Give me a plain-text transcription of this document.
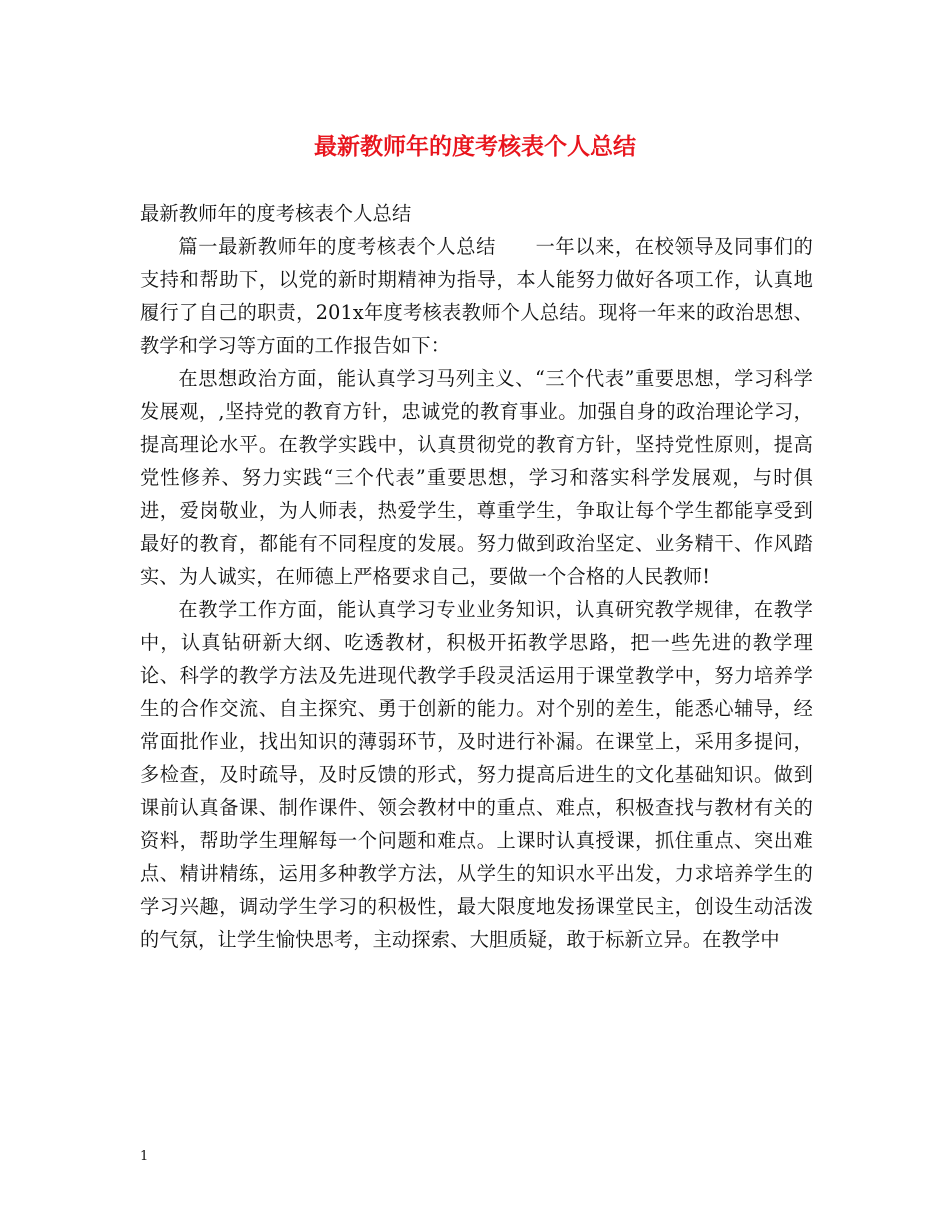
最新教师年的度考核表个人总结

最新教师年的度考核表个人总结

篇一最新教师年的度考核表个人总结　　一年以来，在校领导及同事们的支持和帮助下，以党的新时期精神为指导，本人能努力做好各项工作，认真地履行了自己的职责，201x年度考核表教师个人总结。现将一年来的政治思想、教学和学习等方面的工作报告如下：

在思想政治方面，能认真学习马列主义、“三个代表”重要思想，学习科学发展观，,坚持党的教育方针，忠诚党的教育事业。加强自身的政治理论学习，提高理论水平。在教学实践中，认真贯彻党的教育方针，坚持党性原则，提高党性修养、努力实践“三个代表”重要思想，学习和落实科学发展观，与时俱进，爱岗敬业，为人师表，热爱学生，尊重学生，争取让每个学生都能享受到最好的教育，都能有不同程度的发展。努力做到政治坚定、业务精干、作风踏实、为人诚实，在师德上严格要求自己，要做一个合格的人民教师!

在教学工作方面，能认真学习专业业务知识，认真研究教学规律，在教学中，认真钻研新大纲、吃透教材，积极开拓教学思路，把一些先进的教学理论、科学的教学方法及先进现代教学手段灵活运用于课堂教学中，努力培养学生的合作交流、自主探究、勇于创新的能力。对个别的差生，能悉心辅导，经常面批作业，找出知识的薄弱环节，及时进行补漏。在课堂上，采用多提问，多检查，及时疏导，及时反馈的形式，努力提高后进生的文化基础知识。做到课前认真备课、制作课件、领会教材中的重点、难点，积极查找与教材有关的资料，帮助学生理解每一个问题和难点。上课时认真授课，抓住重点、突出难点、精讲精练，运用多种教学方法，从学生的知识水平出发，力求培养学生的学习兴趣，调动学生学习的积极性，最大限度地发扬课堂民主，创设生动活泼的气氛，让学生愉快思考，主动探索、大胆质疑，敢于标新立异。在教学中

1
